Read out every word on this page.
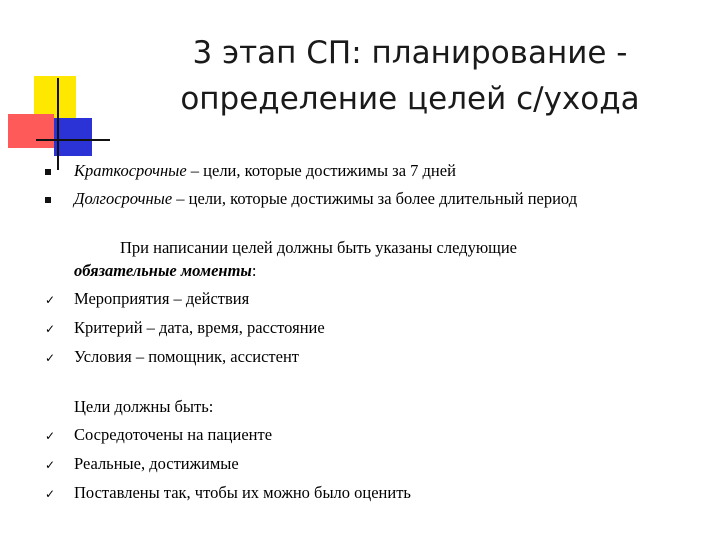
3 этап СП: планирование -
определение целей с/ухода
Краткосрочные – цели, которые достижимы за 7 дней
Долгосрочные – цели, которые достижимы за более длительный период
При написании целей должны быть указаны следующие
обязательные моменты:
✓ Мероприятия – действия
✓ Критерий – дата, время, расстояние
✓ Условия – помощник, ассистент
Цели должны быть:
✓ Сосредоточены на пациенте
✓ Реальные, достижимые
✓ Поставлены так, чтобы их можно было оценить
